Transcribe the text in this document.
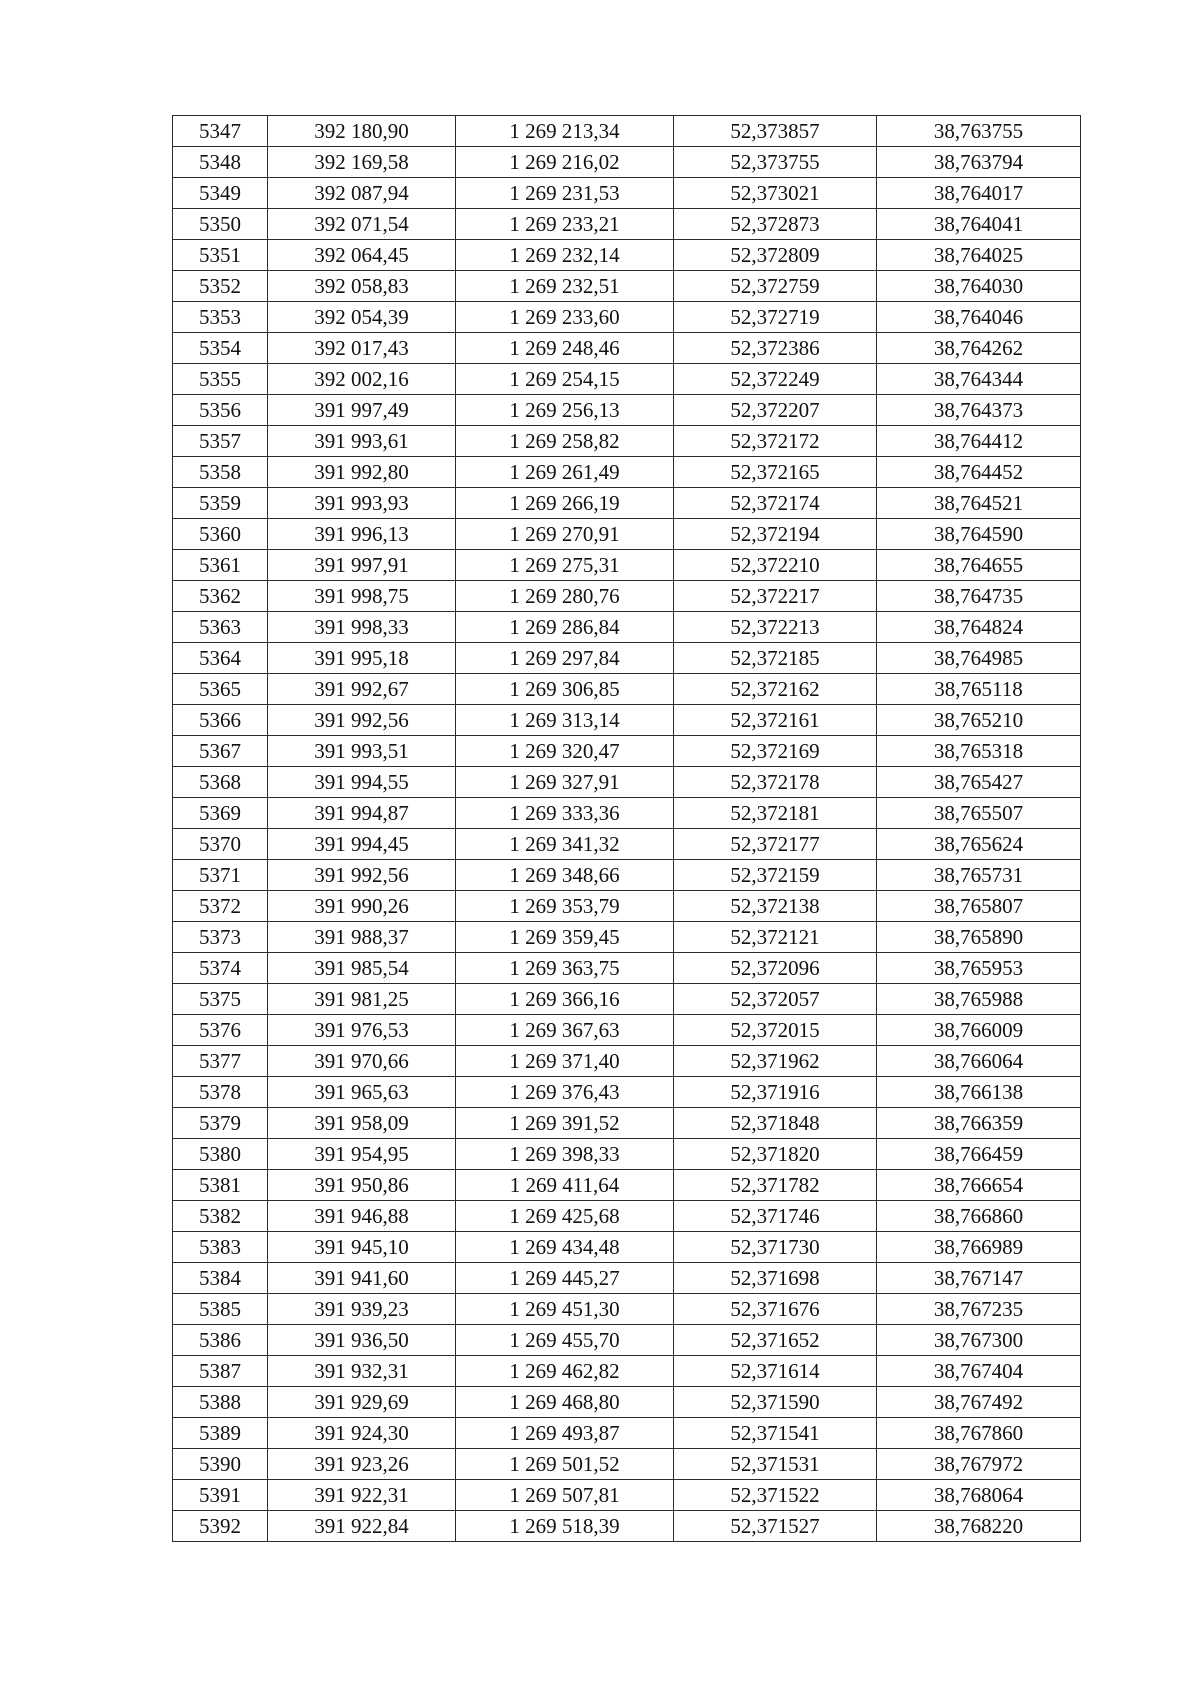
5347	392 180,90	1 269 213,34	52,373857	38,763755
5348	392 169,58	1 269 216,02	52,373755	38,763794
5349	392 087,94	1 269 231,53	52,373021	38,764017
5350	392 071,54	1 269 233,21	52,372873	38,764041
5351	392 064,45	1 269 232,14	52,372809	38,764025
5352	392 058,83	1 269 232,51	52,372759	38,764030
5353	392 054,39	1 269 233,60	52,372719	38,764046
5354	392 017,43	1 269 248,46	52,372386	38,764262
5355	392 002,16	1 269 254,15	52,372249	38,764344
5356	391 997,49	1 269 256,13	52,372207	38,764373
5357	391 993,61	1 269 258,82	52,372172	38,764412
5358	391 992,80	1 269 261,49	52,372165	38,764452
5359	391 993,93	1 269 266,19	52,372174	38,764521
5360	391 996,13	1 269 270,91	52,372194	38,764590
5361	391 997,91	1 269 275,31	52,372210	38,764655
5362	391 998,75	1 269 280,76	52,372217	38,764735
5363	391 998,33	1 269 286,84	52,372213	38,764824
5364	391 995,18	1 269 297,84	52,372185	38,764985
5365	391 992,67	1 269 306,85	52,372162	38,765118
5366	391 992,56	1 269 313,14	52,372161	38,765210
5367	391 993,51	1 269 320,47	52,372169	38,765318
5368	391 994,55	1 269 327,91	52,372178	38,765427
5369	391 994,87	1 269 333,36	52,372181	38,765507
5370	391 994,45	1 269 341,32	52,372177	38,765624
5371	391 992,56	1 269 348,66	52,372159	38,765731
5372	391 990,26	1 269 353,79	52,372138	38,765807
5373	391 988,37	1 269 359,45	52,372121	38,765890
5374	391 985,54	1 269 363,75	52,372096	38,765953
5375	391 981,25	1 269 366,16	52,372057	38,765988
5376	391 976,53	1 269 367,63	52,372015	38,766009
5377	391 970,66	1 269 371,40	52,371962	38,766064
5378	391 965,63	1 269 376,43	52,371916	38,766138
5379	391 958,09	1 269 391,52	52,371848	38,766359
5380	391 954,95	1 269 398,33	52,371820	38,766459
5381	391 950,86	1 269 411,64	52,371782	38,766654
5382	391 946,88	1 269 425,68	52,371746	38,766860
5383	391 945,10	1 269 434,48	52,371730	38,766989
5384	391 941,60	1 269 445,27	52,371698	38,767147
5385	391 939,23	1 269 451,30	52,371676	38,767235
5386	391 936,50	1 269 455,70	52,371652	38,767300
5387	391 932,31	1 269 462,82	52,371614	38,767404
5388	391 929,69	1 269 468,80	52,371590	38,767492
5389	391 924,30	1 269 493,87	52,371541	38,767860
5390	391 923,26	1 269 501,52	52,371531	38,767972
5391	391 922,31	1 269 507,81	52,371522	38,768064
5392	391 922,84	1 269 518,39	52,371527	38,768220
